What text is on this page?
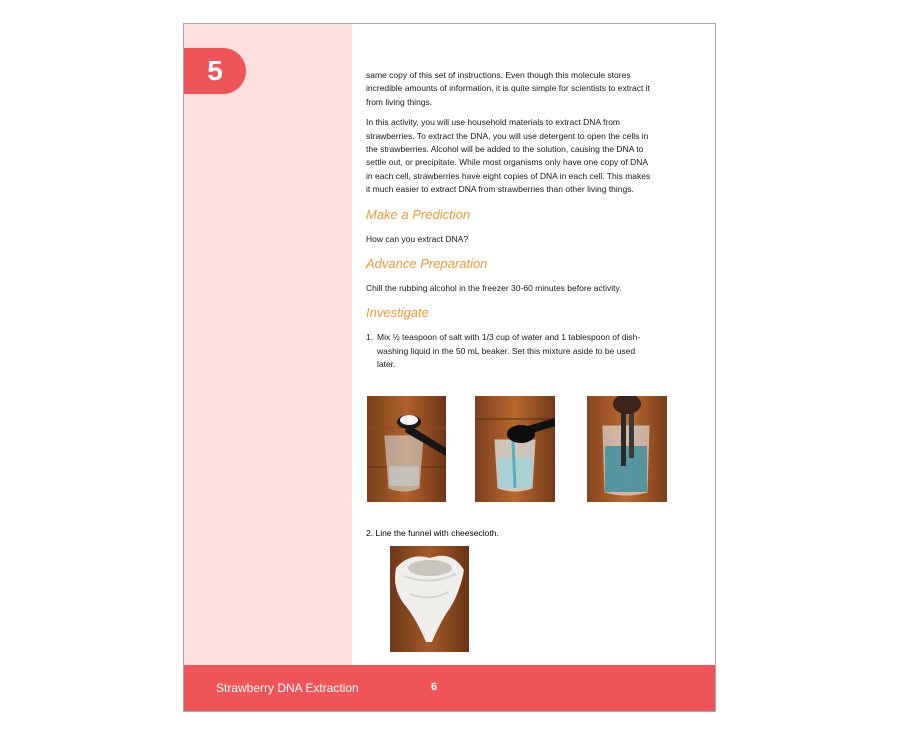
5	same copy of this set of instructions. Even though this molecule stores incredible amounts of information, it is quite simple for scientists to extract it from living things.

In this activity, you will use household materials to extract DNA from strawberries. To extract the DNA, you will use detergent to open the cells in the strawberries. Alcohol will be added to the solution, causing the DNA to settle out, or precipitate. While most organisms only have one copy of DNA in each cell, strawberries have eight copies of DNA in each cell. This makes it much easier to extract DNA from strawberries than other living things.

Make a Prediction

How can you extract DNA?

Advance Preparation

Chill the rubbing alcohol in the freezer 30-60 minutes before activity.

Investigate

1. Mix ½ teaspoon of salt with 1/3 cup of water and 1 tablespoon of dish-washing liquid in the 50 mL beaker. Set this mixture aside to be used later.

2. Line the funnel with cheesecloth.
Strawberry DNA Extraction	6
